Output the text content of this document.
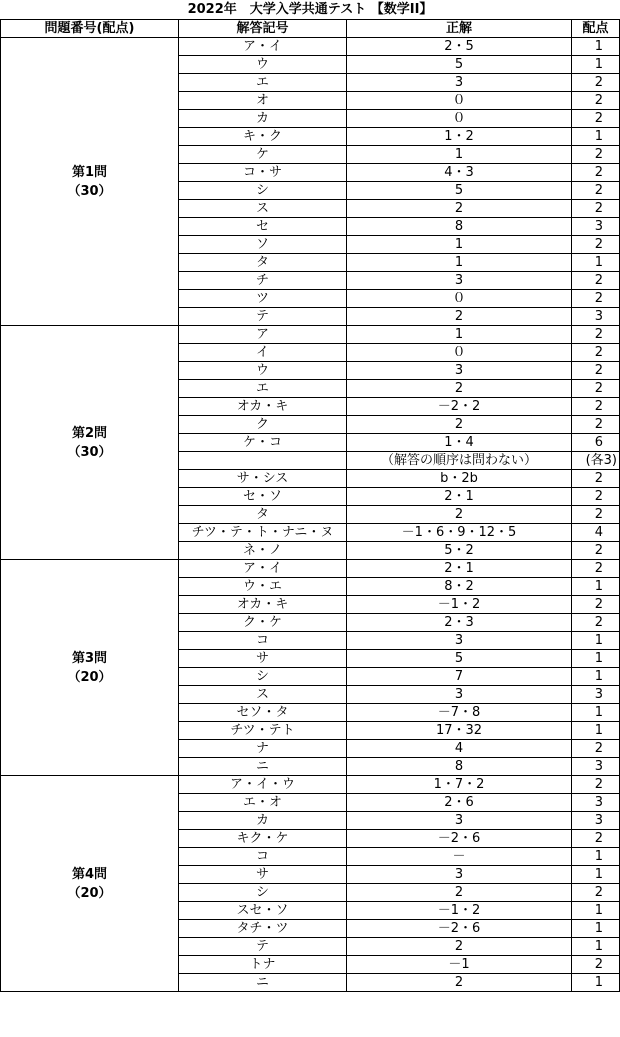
2022年　大学入学共通テスト 【数学II】
問題番号(配点)	解答記号	正解	配点

第1問
（30）	ア・イ	2・5	1
	ウ	5	1
	エ	3	2
	オ	０	2
	カ	０	2
	キ・ク	1・2	1
	ケ	1	2
	コ・サ	4・3	2
	シ	5	2
	ス	2	2
	セ	8	3
	ソ	1	2
	タ	1	1
	チ	3	2
	ツ	０	2
	テ	2	3

第2問
（30）	ア	1	2
	イ	０	2
	ウ	3	2
	エ	2	2
	オカ・キ	－2・2	2
	ク	2	2
	ケ・コ	1・4	6
		（解答の順序は問わない）	(各3)
	サ・シス	b・2b	2
	セ・ソ	2・1	2
	タ	2	2
	チツ・テ・ト・ナニ・ヌ	－1・6・9・12・5	4
	ネ・ノ	5・2	2

第3問
（20）	ア・イ	2・1	2
	ウ・エ	8・2	1
	オカ・キ	－1・2	2
	ク・ケ	2・3	2
	コ	3	1
	サ	5	1
	シ	7	1
	ス	3	3
	セソ・タ	－7・8	1
	チツ・テト	17・32	1
	ナ	4	2
	ニ	8	3

第4問
（20）	ア・イ・ウ	1・7・2	2
	エ・オ	2・6	3
	カ	3	3
	キク・ケ	－2・6	2
	コ	－	1
	サ	3	1
	シ	2	2
	スセ・ソ	－1・2	1
	タチ・ツ	－2・6	1
	テ	2	1
	トナ	－1	2
	ニ	2	1
